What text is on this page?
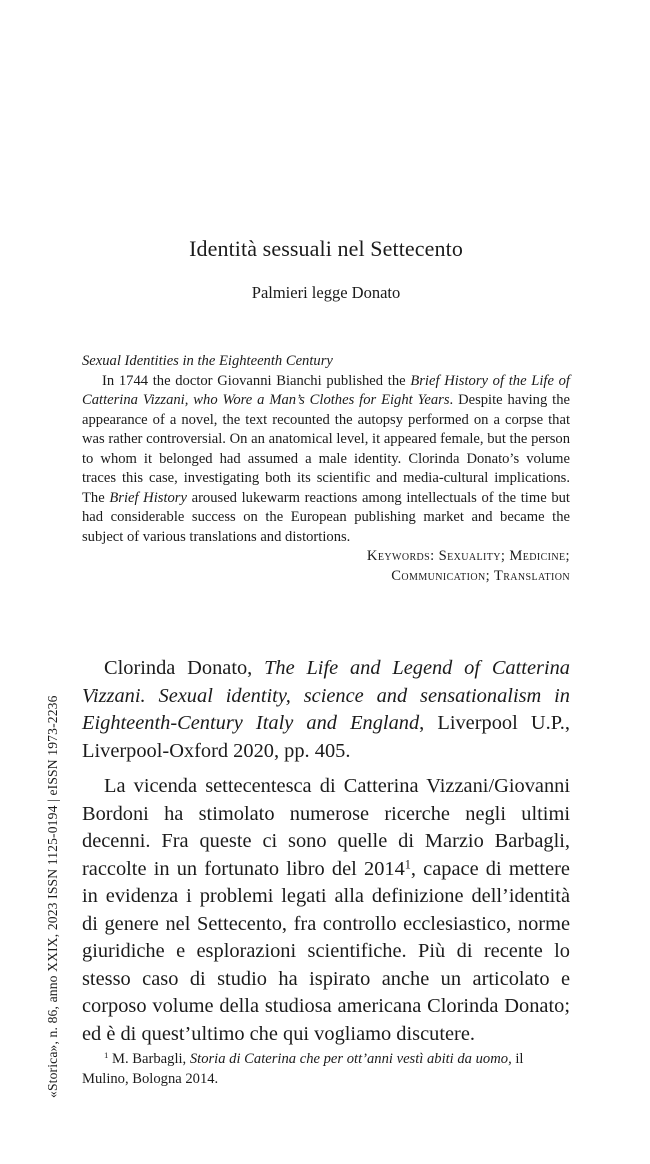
Identità sessuali nel Settecento
Palmieri legge Donato

Sexual Identities in the Eighteenth Century

In 1744 the doctor Giovanni Bianchi published the Brief History of the Life of Catterina Vizzani, who Wore a Man’s Clothes for Eight Years. Despite having the appearance of a novel, the text recounted the autopsy performed on a corpse that was rather controversial. On an anatomical level, it appeared female, but the person to whom it belonged had assumed a male identity. Clorinda Donato’s volume traces this case, investigating both its scientific and media-cultural implications. The Brief History aroused lukewarm reactions among intellectuals of the time but had considerable success on the European publishing market and became the subject of various translations and distortions.

Keywords: Sexuality; Medicine;
Communication; Translation

Clorinda Donato, The Life and Legend of Catterina Vizzani. Sexual identity, science and sensationalism in Eighteenth-Century Italy and England, Liverpool U.P., Liverpool-Oxford 2020, pp. 405.

La vicenda settecentesca di Catterina Vizzani/Giovanni Bordoni ha stimolato numerose ricerche negli ultimi decenni. Fra queste ci sono quelle di Marzio Barbagli, raccolte in un fortunato libro del 2014$^1$, capace di mettere in evidenza i problemi legati alla definizione dell’identità di genere nel Settecento, fra controllo ecclesiastico, norme giuridiche e esplorazioni scientifiche. Più di recente lo stesso caso di studio ha ispirato anche un articolato e corposo volume della studiosa americana Clorinda Donato; ed è di quest’ultimo che qui vogliamo discutere.

$^1$ M. Barbagli, Storia di Caterina che per ott’anni vestì abiti da uomo, il Mulino, Bologna 2014.

«Storica», n. 86, anno XXIX, 2023 ISSN 1125-0194 | eISSN 1973-2236
